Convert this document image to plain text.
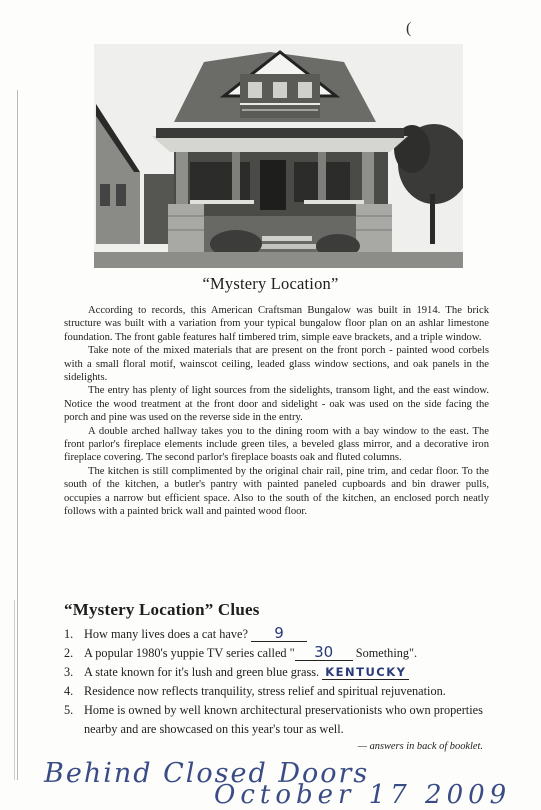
(
“Mystery Location”

According to records, this American Craftsman Bungalow was built in 1914. The brick structure was built with a variation from your typical bungalow floor plan on an ashlar limestone foundation. The front gable features half timbered trim, simple eave brackets, and a triple window.

Take note of the mixed materials that are present on the front porch - painted wood corbels with a small floral motif, wainscot ceiling, leaded glass window sections, and oak panels in the sidelights.

The entry has plenty of light sources from the sidelights, transom light, and the east window. Notice the wood treatment at the front door and sidelight - oak was used on the side facing the porch and pine was used on the reverse side in the entry.

A double arched hallway takes you to the dining room with a bay window to the east. The front parlor's fireplace elements include green tiles, a beveled glass mirror, and a decorative iron fireplace covering. The second parlor's fireplace boasts oak and fluted columns.

The kitchen is still complimented by the original chair rail, pine trim, and cedar floor. To the south of the kitchen, a butler's pantry with painted paneled cupboards and bin drawer pulls, occupies a narrow but efficient space. Also to the south of the kitchen, an enclosed porch neatly follows with a painted brick wall and painted wood floor.

“Mystery Location” Clues
1. How many lives does a cat have? 9
2. A popular 1980's yuppie TV series called " 30 Something".
3. A state known for it's lush and green blue grass. KENTUCKY
4. Residence now reflects tranquility, stress relief and spiritual rejuvenation.
5. Home is owned by well known architectural preservationists who own properties nearby and are showcased on this year's tour as well.
— answers in back of booklet.
Behind Closed Doors
October 17 2009
